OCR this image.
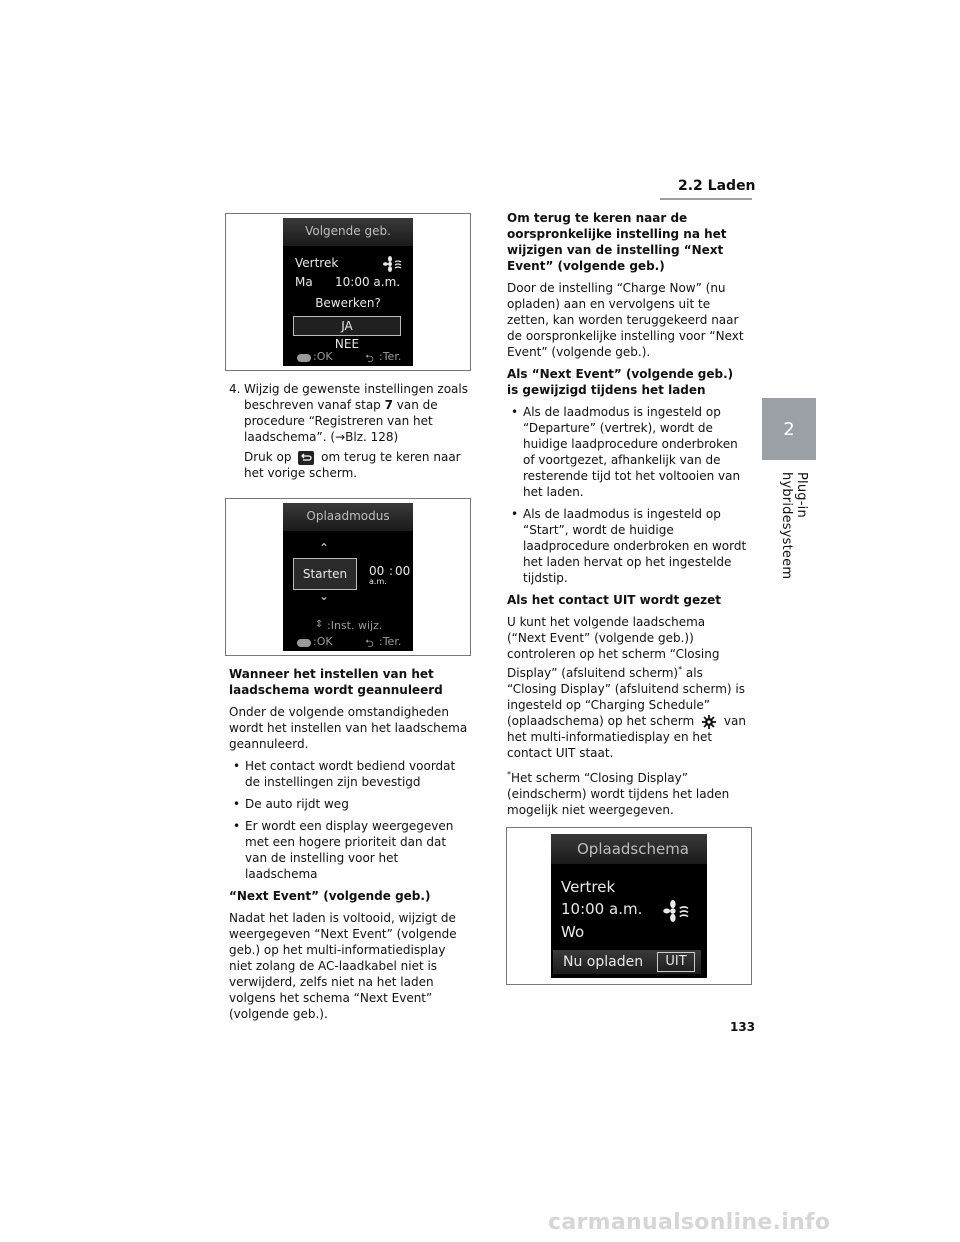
2.2 Laden
2
Plug-in hybridesysteem
Volgende geb.
Vertrek
Ma 10:00 a.m.
Bewerken?
JA
NEE
:OK	⮌ :Ter.
4. Wijzig de gewenste instellingen zoals beschreven vanaf stap 7 van de procedure “Registreren van het laadschema”. (→Blz. 128)
Druk op om terug te keren naar het vorige scherm.
Oplaadmodus
⌃
Starten	00 : 00
a.m.
⌄
⇕ :Inst. wijz.
:OK	⮌ :Ter.

Wanneer het instellen van het laadschema wordt geannuleerd

Onder de volgende omstandigheden wordt het instellen van het laadschema geannuleerd.

• Het contact wordt bediend voordat de instellingen zijn bevestigd
• De auto rijdt weg
• Er wordt een display weergegeven met een hogere prioriteit dan dat van de instelling voor het laadschema

“Next Event” (volgende geb.)

Nadat het laden is voltooid, wijzigt de weergegeven “Next Event” (volgende geb.) op het multi-informatiedisplay niet zolang de AC-laadkabel niet is verwijderd, zelfs niet na het laden volgens het schema “Next Event” (volgende geb.).

Om terug te keren naar de oorspronkelijke instelling na het wijzigen van de instelling “Next Event” (volgende geb.)

Door de instelling “Charge Now” (nu opladen) aan en vervolgens uit te zetten, kan worden teruggekeerd naar de oorspronkelijke instelling voor “Next Event” (volgende geb.).

Als “Next Event” (volgende geb.) is gewijzigd tijdens het laden

• Als de laadmodus is ingesteld op “Departure” (vertrek), wordt de huidige laadprocedure onderbroken of voortgezet, afhankelijk van de resterende tijd tot het voltooien van het laden.
• Als de laadmodus is ingesteld op “Start”, wordt de huidige laadprocedure onderbroken en wordt het laden hervat op het ingestelde tijdstip.

Als het contact UIT wordt gezet

U kunt het volgende laadschema (“Next Event” (volgende geb.)) controleren op het scherm “Closing Display” (afsluitend scherm)* als “Closing Display” (afsluitend scherm) is ingesteld op “Charging Schedule” (oplaadschema) op het scherm van het multi-informatiedisplay en het contact UIT staat.

*Het scherm “Closing Display” (eindscherm) wordt tijdens het laden mogelijk niet weergegeven.

Oplaadschema
Vertrek
10:00 a.m.
Wo
Nu opladen	UIT
133
carmanualsonline.info
